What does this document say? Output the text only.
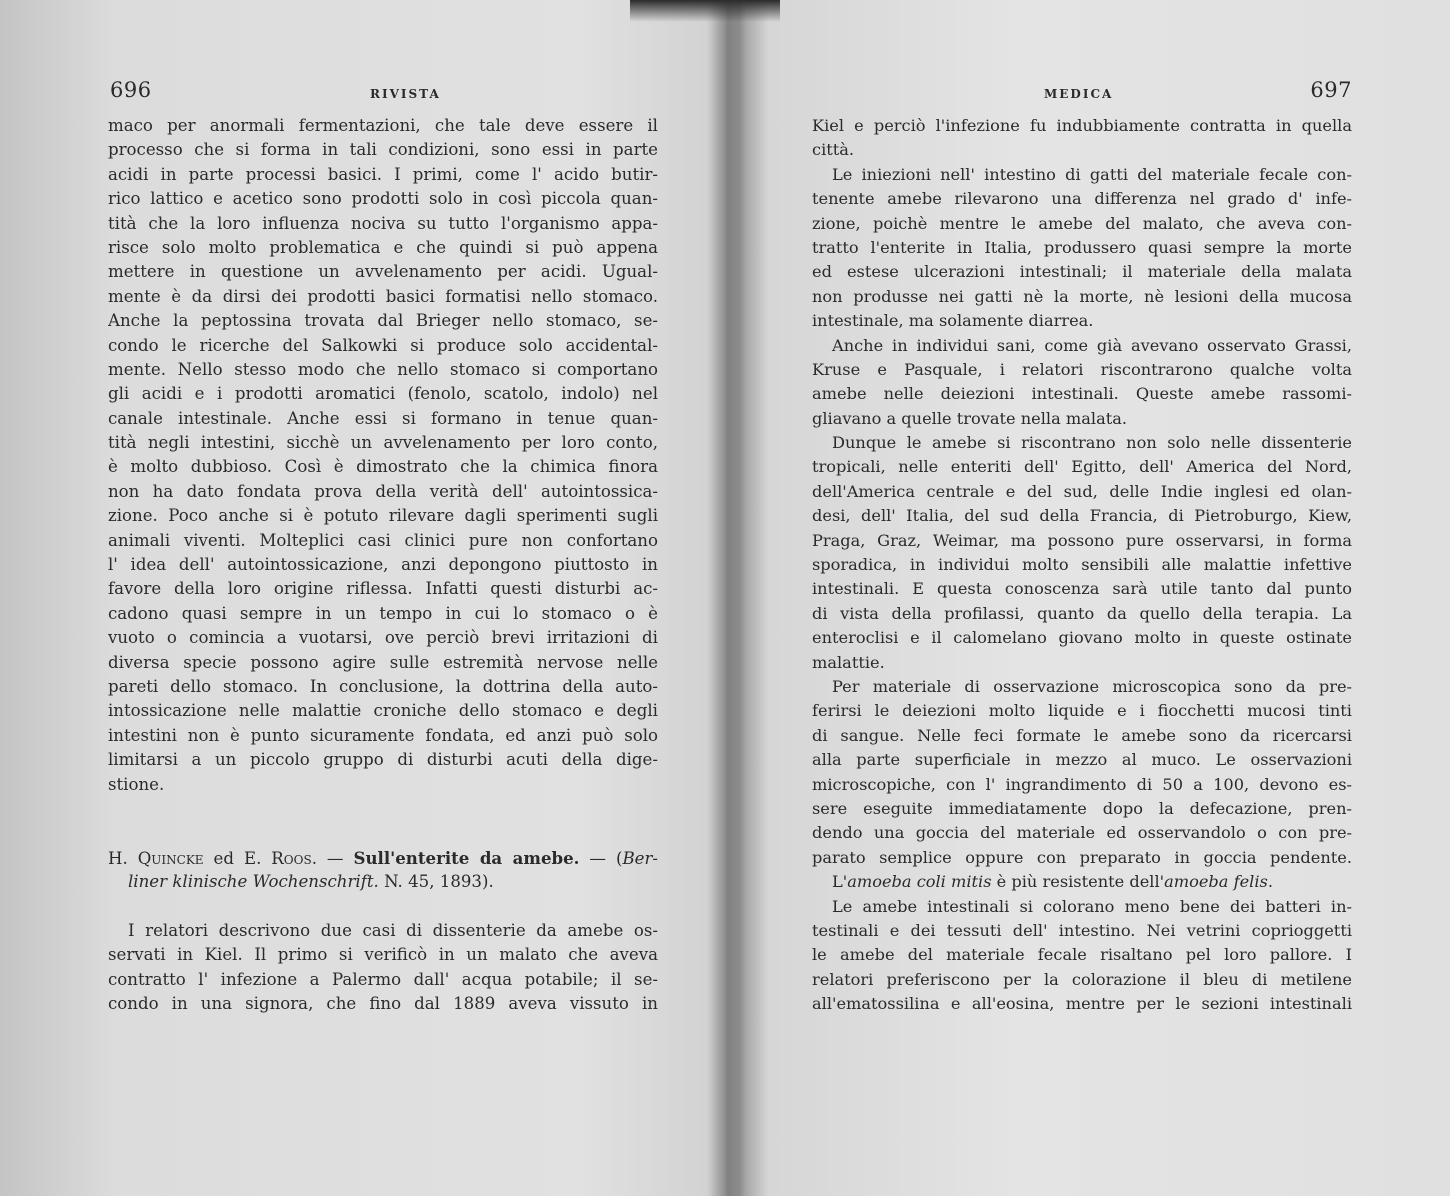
696	RIVISTA
maco per anormali fermentazioni, che tale deve essere il
processo che si forma in tali condizioni, sono essi in parte
acidi in parte processi basici. I primi, come l' acido butir-
rico lattico e acetico sono prodotti solo in così piccola quan-
tità che la loro influenza nociva su tutto l'organismo appa-
risce solo molto problematica e che quindi si può appena
mettere in questione un avvelenamento per acidi. Ugual-
mente è da dirsi dei prodotti basici formatisi nello stomaco.
Anche la peptossina trovata dal Brieger nello stomaco, se-
condo le ricerche del Salkowki si produce solo accidental-
mente. Nello stesso modo che nello stomaco si comportano
gli acidi e i prodotti aromatici (fenolo, scatolo, indolo) nel
canale intestinale. Anche essi si formano in tenue quan-
tità negli intestini, sicchè un avvelenamento per loro conto,
è molto dubbioso. Così è dimostrato che la chimica finora
non ha dato fondata prova della verità dell' autointossica-
zione. Poco anche si è potuto rilevare dagli sperimenti sugli
animali viventi. Molteplici casi clinici pure non confortano
l' idea dell' autointossicazione, anzi depongono piuttosto in
favore della loro origine riflessa. Infatti questi disturbi ac-
cadono quasi sempre in un tempo in cui lo stomaco o è
vuoto o comincia a vuotarsi, ove perciò brevi irritazioni di
diversa specie possono agire sulle estremità nervose nelle
pareti dello stomaco. In conclusione, la dottrina della auto-
intossicazione nelle malattie croniche dello stomaco e degli
intestini non è punto sicuramente fondata, ed anzi può solo
limitarsi a un piccolo gruppo di disturbi acuti della dige-
stione.
H. Quincke ed E. Roos. — Sull'enterite da amebe. — (Ber-
liner klinische Wochenschrift. N. 45, 1893).
I relatori descrivono due casi di dissenterie da amebe os-
servati in Kiel. Il primo si verificò in un malato che aveva
contratto l' infezione a Palermo dall' acqua potabile; il se-
condo in una signora, che fino dal 1889 aveva vissuto in
MEDICA	697
Kiel e perciò l'infezione fu indubbiamente contratta in quella
città.
Le iniezioni nell' intestino di gatti del materiale fecale con-
tenente amebe rilevarono una differenza nel grado d' infe-
zione, poichè mentre le amebe del malato, che aveva con-
tratto l'enterite in Italia, produssero quasi sempre la morte
ed estese ulcerazioni intestinali; il materiale della malata
non produsse nei gatti nè la morte, nè lesioni della mucosa
intestinale, ma solamente diarrea.
Anche in individui sani, come già avevano osservato Grassi,
Kruse e Pasquale, i relatori riscontrarono qualche volta
amebe nelle deiezioni intestinali. Queste amebe rassomi-
gliavano a quelle trovate nella malata.
Dunque le amebe si riscontrano non solo nelle dissenterie
tropicali, nelle enteriti dell' Egitto, dell' America del Nord,
dell'America centrale e del sud, delle Indie inglesi ed olan-
desi, dell' Italia, del sud della Francia, di Pietroburgo, Kiew,
Praga, Graz, Weimar, ma possono pure osservarsi, in forma
sporadica, in individui molto sensibili alle malattie infettive
intestinali. E questa conoscenza sarà utile tanto dal punto
di vista della profilassi, quanto da quello della terapia. La
enteroclisi e il calomelano giovano molto in queste ostinate
malattie.
Per materiale di osservazione microscopica sono da pre-
ferirsi le deiezioni molto liquide e i fiocchetti mucosi tinti
di sangue. Nelle feci formate le amebe sono da ricercarsi
alla parte superficiale in mezzo al muco. Le osservazioni
microscopiche, con l' ingrandimento di 50 a 100, devono es-
sere eseguite immediatamente dopo la defecazione, pren-
dendo una goccia del materiale ed osservandolo o con pre-
parato semplice oppure con preparato in goccia pendente.
L'amoeba coli mitis è più resistente dell'amoeba felis.
Le amebe intestinali si colorano meno bene dei batteri in-
testinali e dei tessuti dell' intestino. Nei vetrini coprioggetti
le amebe del materiale fecale risaltano pel loro pallore. I
relatori preferiscono per la colorazione il bleu di metilene
all'ematossilina e all'eosina, mentre per le sezioni intestinali
